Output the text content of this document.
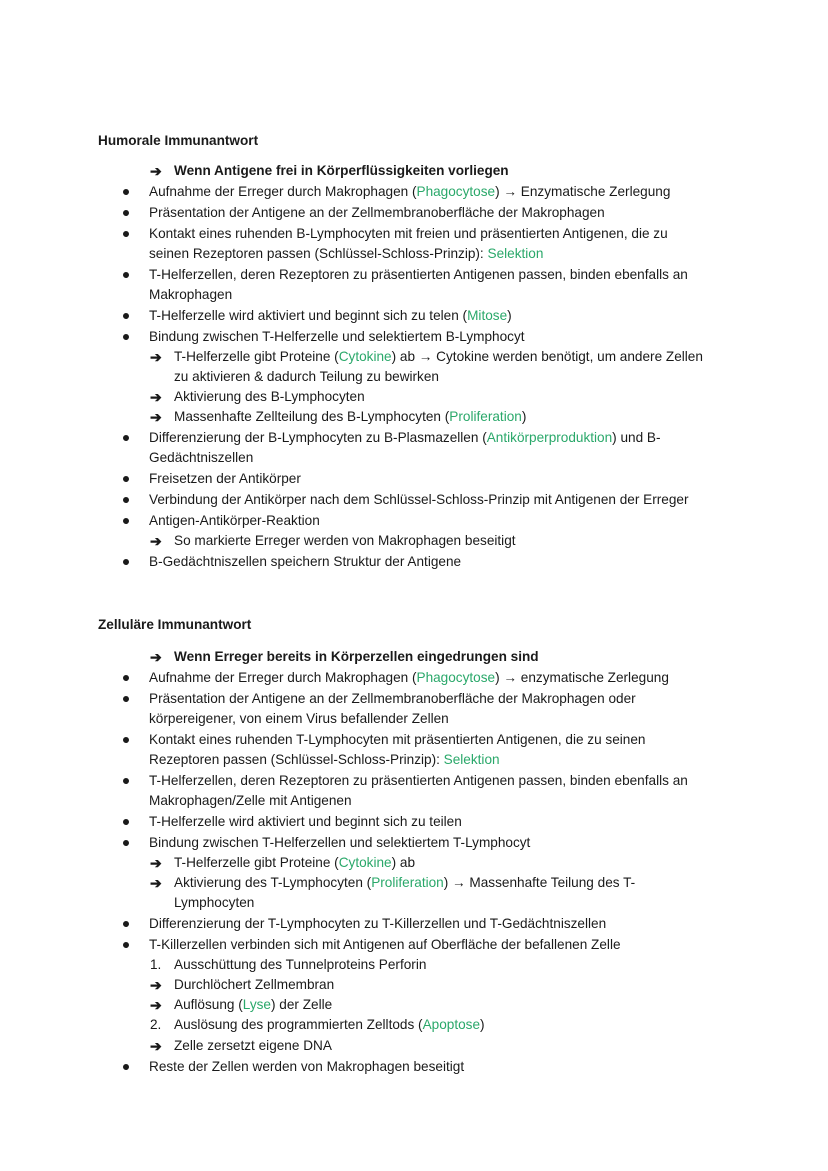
Humorale Immunantwort
➔ Wenn Antigene frei in Körperflüssigkeiten vorliegen
Aufnahme der Erreger durch Makrophagen (Phagocytose) → Enzymatische Zerlegung
Präsentation der Antigene an der Zellmembranoberfläche der Makrophagen
Kontakt eines ruhenden B-Lymphocyten mit freien und präsentierten Antigenen, die zu
seinen Rezeptoren passen (Schlüssel-Schloss-Prinzip): Selektion
T-Helferzellen, deren Rezeptoren zu präsentierten Antigenen passen, binden ebenfalls an
Makrophagen
T-Helferzelle wird aktiviert und beginnt sich zu telen (Mitose)
Bindung zwischen T-Helferzelle und selektiertem B-Lymphocyt
➔ T-Helferzelle gibt Proteine (Cytokine) ab → Cytokine werden benötigt, um andere Zellen
zu aktivieren & dadurch Teilung zu bewirken
➔ Aktivierung des B-Lymphocyten
➔ Massenhafte Zellteilung des B-Lymphocyten (Proliferation)
Differenzierung der B-Lymphocyten zu B-Plasmazellen (Antikörperproduktion) und B-
Gedächtniszellen
Freisetzen der Antikörper
Verbindung der Antikörper nach dem Schlüssel-Schloss-Prinzip mit Antigenen der Erreger
Antigen-Antikörper-Reaktion
➔ So markierte Erreger werden von Makrophagen beseitigt
B-Gedächtniszellen speichern Struktur der Antigene
Zelluläre Immunantwort
➔ Wenn Erreger bereits in Körperzellen eingedrungen sind
Aufnahme der Erreger durch Makrophagen (Phagocytose) → enzymatische Zerlegung
Präsentation der Antigene an der Zellmembranoberfläche der Makrophagen oder
körpereigener, von einem Virus befallender Zellen
Kontakt eines ruhenden T-Lymphocyten mit präsentierten Antigenen, die zu seinen
Rezeptoren passen (Schlüssel-Schloss-Prinzip): Selektion
T-Helferzellen, deren Rezeptoren zu präsentierten Antigenen passen, binden ebenfalls an
Makrophagen/Zelle mit Antigenen
T-Helferzelle wird aktiviert und beginnt sich zu teilen
Bindung zwischen T-Helferzellen und selektiertem T-Lymphocyt
➔ T-Helferzelle gibt Proteine (Cytokine) ab
➔ Aktivierung des T-Lymphocyten (Proliferation) → Massenhafte Teilung des T-
Lymphocyten
Differenzierung der T-Lymphocyten zu T-Killerzellen und T-Gedächtniszellen
T-Killerzellen verbinden sich mit Antigenen auf Oberfläche der befallenen Zelle
1. Ausschüttung des Tunnelproteins Perforin
➔ Durchlöchert Zellmembran
➔ Auflösung (Lyse) der Zelle
2. Auslösung des programmierten Zelltods (Apoptose)
➔ Zelle zersetzt eigene DNA
Reste der Zellen werden von Makrophagen beseitigt
